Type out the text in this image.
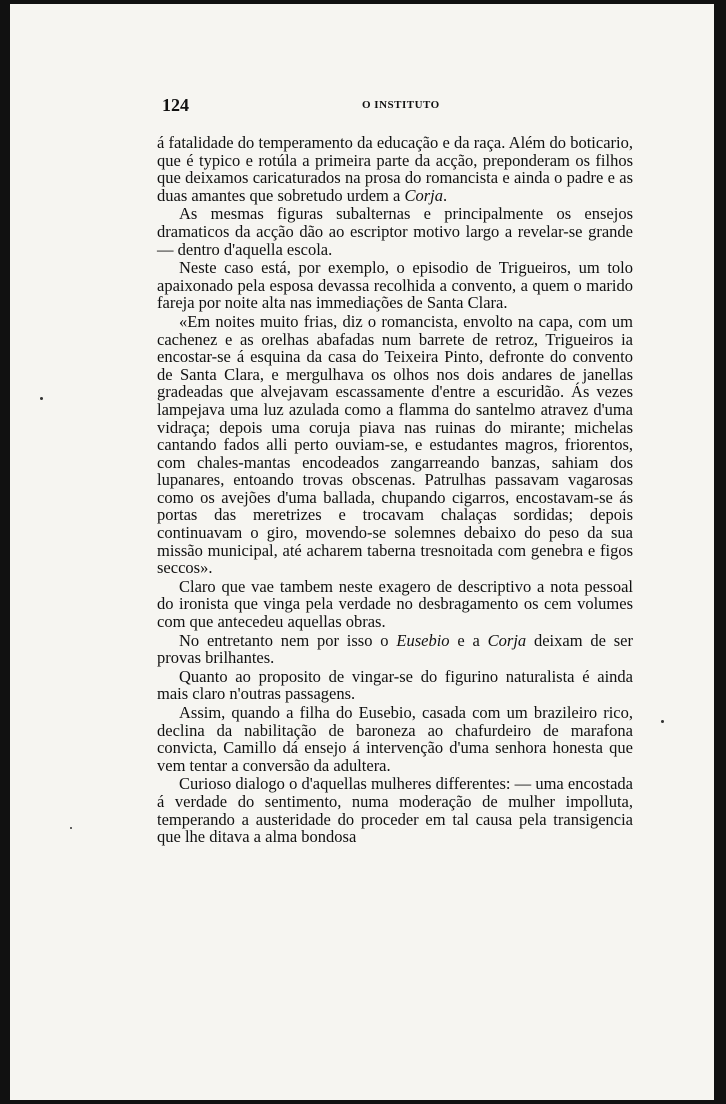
124	O INSTITUTO

á fatalidade do temperamento da educação e da raça. Além do boticario, que é typico e rotúla a primeira parte da acção, preponderam os filhos que deixamos caricaturados na prosa do romancista e ainda o padre e as duas amantes que sobretudo urdem a Corja.

As mesmas figuras subalternas e principalmente os ensejos dramaticos da acção dão ao escriptor motivo largo a revelar-se grande — dentro d'aquella escola.

Neste caso está, por exemplo, o episodio de Trigueiros, um tolo apaixonado pela esposa devassa recolhida a convento, a quem o marido fareja por noite alta nas immediações de Santa Clara.

«Em noites muito frias, diz o romancista, envolto na capa, com um cachenez e as orelhas abafadas num barrete de retroz, Trigueiros ia encostar-se á esquina da casa do Teixeira Pinto, defronte do convento de Santa Clara, e mergulhava os olhos nos dois andares de janellas gradeadas que alvejavam escassamente d'entre a escuridão. Ás vezes lampejava uma luz azulada como a flamma do santelmo atravez d'uma vidraça; depois uma coruja piava nas ruinas do mirante; michelas cantando fados alli perto ouviam-se, e estudantes magros, friorentos, com chales-mantas encodeados zangarreando banzas, sahiam dos lupanares, entoando trovas obscenas. Patrulhas passavam vagarosas como os avejões d'uma ballada, chupando cigarros, encostavam-se ás portas das meretrizes e trocavam chalaças sordidas; depois continuavam o giro, movendo-se solemnes debaixo do peso da sua missão municipal, até acharem taberna tresnoitada com genebra e figos seccos».

Claro que vae tambem neste exagero de descriptivo a nota pessoal do ironista que vinga pela verdade no desbragamento os cem volumes com que antecedeu aquellas obras.

No entretanto nem por isso o Eusebio e a Corja deixam de ser provas brilhantes.

Quanto ao proposito de vingar-se do figurino naturalista é ainda mais claro n'outras passagens.

Assim, quando a filha do Eusebio, casada com um brazileiro rico, declina da nabilitação de baroneza ao chafurdeiro de marafona convicta, Camillo dá ensejo á intervenção d'uma senhora honesta que vem tentar a conversão da adultera.

Curioso dialogo o d'aquellas mulheres differentes: — uma encostada á verdade do sentimento, numa moderação de mulher impolluta, temperando a austeridade do proceder em tal causa pela transigencia que lhe ditava a alma bondosa
